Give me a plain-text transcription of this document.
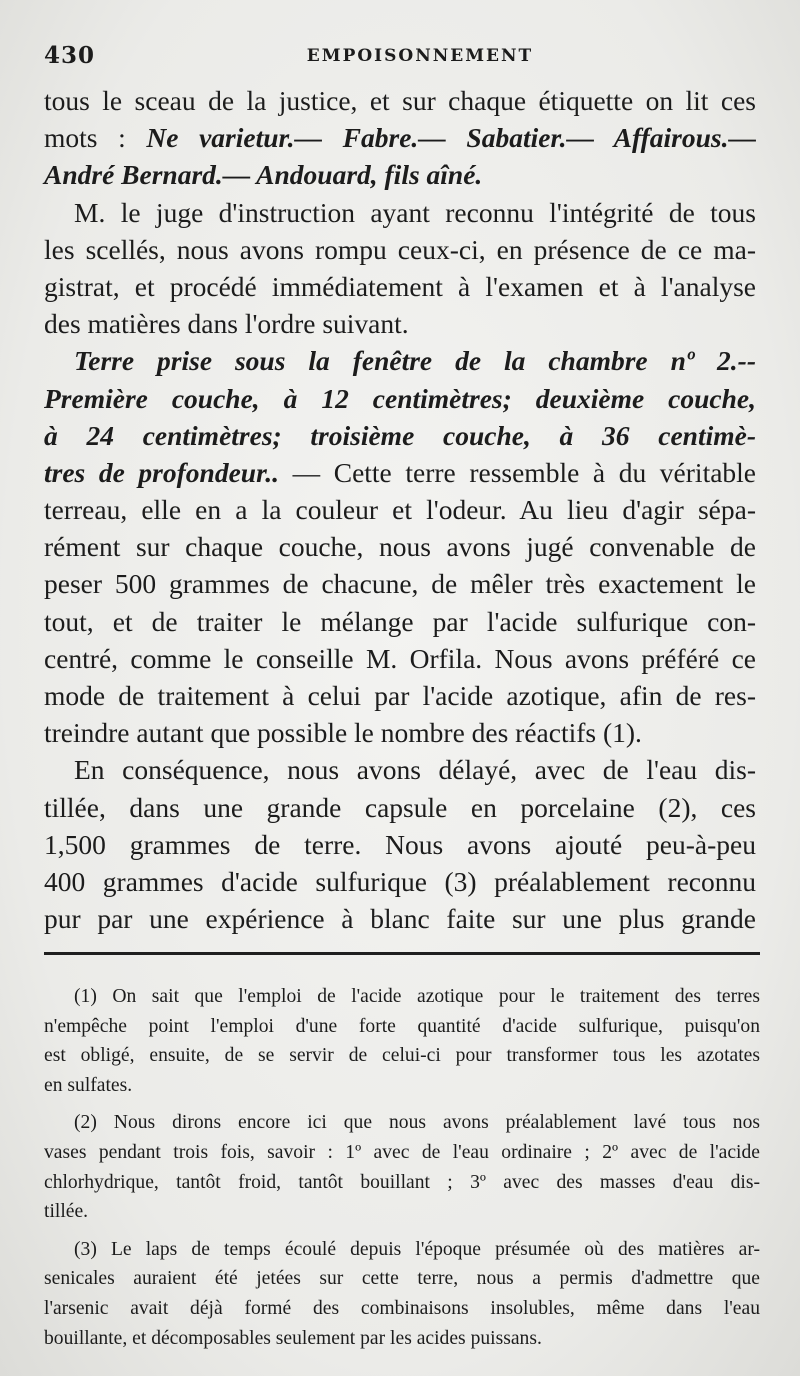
430	EMPOISONNEMENT

tous le sceau de la justice, et sur chaque étiquette on lit ces
mots : Ne varietur.— Fabre.— Sabatier.— Affairous.—
André Bernard.— Andouard, fils aîné.

M. le juge d'instruction ayant reconnu l'intégrité de tous
les scellés, nous avons rompu ceux-ci, en présence de ce ma-
gistrat, et procédé immédiatement à l'examen et à l'analyse
des matières dans l'ordre suivant.

Terre prise sous la fenêtre de la chambre nº 2.--
Première couche, à 12 centimètres; deuxième couche,
à 24 centimètres; troisième couche, à 36 centimè-
tres de profondeur.. — Cette terre ressemble à du véritable
terreau, elle en a la couleur et l'odeur. Au lieu d'agir sépa-
rément sur chaque couche, nous avons jugé convenable de
peser 500 grammes de chacune, de mêler très exactement le
tout, et de traiter le mélange par l'acide sulfurique con-
centré, comme le conseille M. Orfila. Nous avons préféré ce
mode de traitement à celui par l'acide azotique, afin de res-
treindre autant que possible le nombre des réactifs (1).

En conséquence, nous avons délayé, avec de l'eau dis-
tillée, dans une grande capsule en porcelaine (2), ces
1,500 grammes de terre. Nous avons ajouté peu-à-peu
400 grammes d'acide sulfurique (3) préalablement reconnu
pur par une expérience à blanc faite sur une plus grande

(1) On sait que l'emploi de l'acide azotique pour le traitement des terres
n'empêche point l'emploi d'une forte quantité d'acide sulfurique, puisqu'on
est obligé, ensuite, de se servir de celui-ci pour transformer tous les azotates
en sulfates.
(2) Nous dirons encore ici que nous avons préalablement lavé tous nos
vases pendant trois fois, savoir : 1º avec de l'eau ordinaire ; 2º avec de l'acide
chlorhydrique, tantôt froid, tantôt bouillant ; 3º avec des masses d'eau dis-
tillée.
(3) Le laps de temps écoulé depuis l'époque présumée où des matières ar-
senicales auraient été jetées sur cette terre, nous a permis d'admettre que
l'arsenic avait déjà formé des combinaisons insolubles, même dans l'eau
bouillante, et décomposables seulement par les acides puissans.
